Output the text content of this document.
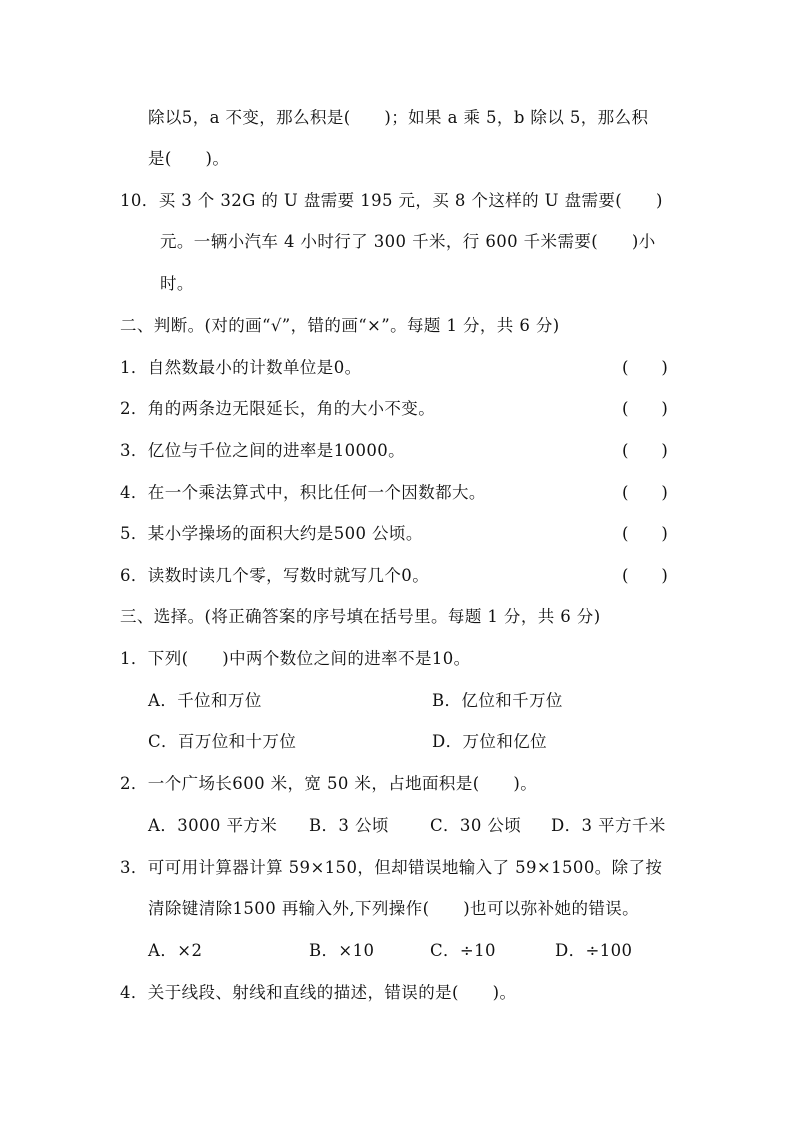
除以5，a 不变，那么积是(　　)；如果 a 乘 5，b 除以 5，那么积
是(　　)。
10．买 3 个 32G 的 U 盘需要 195 元，买 8 个这样的 U 盘需要(　　)
元。一辆小汽车 4 小时行了 300 千米，行 600 千米需要(　　)小
时。
二、判断。(对的画“√”，错的画“×”。每题 1 分，共 6 分)
1．自然数最小的计数单位是0。	(　　)
2．角的两条边无限延长，角的大小不变。	(　　)
3．亿位与千位之间的进率是10000。	(　　)
4．在一个乘法算式中，积比任何一个因数都大。	(　　)
5．某小学操场的面积大约是500 公顷。	(　　)
6．读数时读几个零，写数时就写几个0。	(　　)
三、选择。(将正确答案的序号填在括号里。每题 1 分，共 6 分)
1．下列(　　)中两个数位之间的进率不是10。
A．千位和万位	B．亿位和千万位
C．百万位和十万位	D．万位和亿位
2．一个广场长600 米，宽 50 米，占地面积是(　　)。
A．3000 平方米 B．3 公顷 C．30 公顷 D．3 平方千米
3．可可用计算器计算 59×150，但却错误地输入了 59×1500。除了按
清除键清除1500 再输入外,下列操作(　　)也可以弥补她的错误。
A．×2	B．×10	C．÷10	D．÷100
4．关于线段、射线和直线的描述，错误的是(　　)。
